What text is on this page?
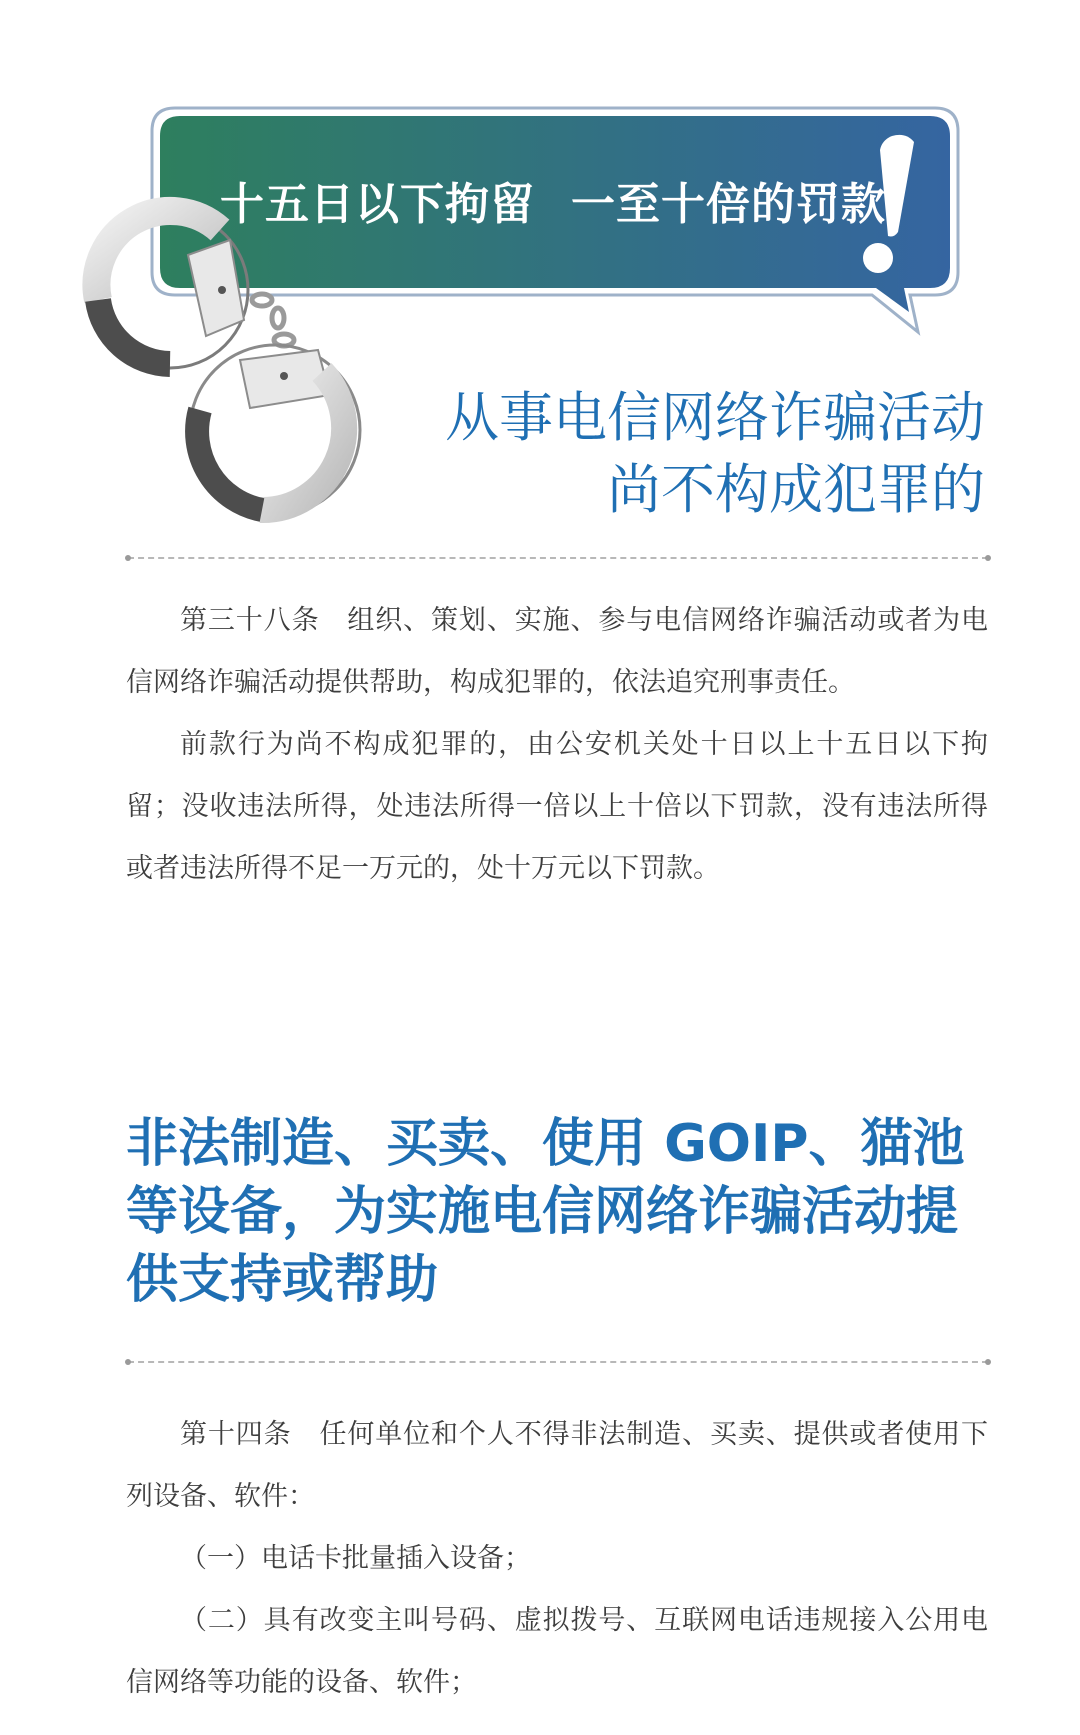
十五日以下拘留 一至十倍的罚款
从事电信网络诈骗活动
尚不构成犯罪的

第三十八条　组织、策划、实施、参与电信网络诈骗活动或者为电信网络诈骗活动提供帮助，构成犯罪的，依法追究刑事责任。

前款行为尚不构成犯罪的，由公安机关处十日以上十五日以下拘留；没收违法所得，处违法所得一倍以上十倍以下罚款，没有违法所得或者违法所得不足一万元的，处十万元以下罚款。

非法制造、买卖、使用 GOIP、猫池等设备，为实施电信网络诈骗活动提供支持或帮助

第十四条　任何单位和个人不得非法制造、买卖、提供或者使用下列设备、软件：

（一）电话卡批量插入设备；

（二）具有改变主叫号码、虚拟拨号、互联网电话违规接入公用电信网络等功能的设备、软件；
